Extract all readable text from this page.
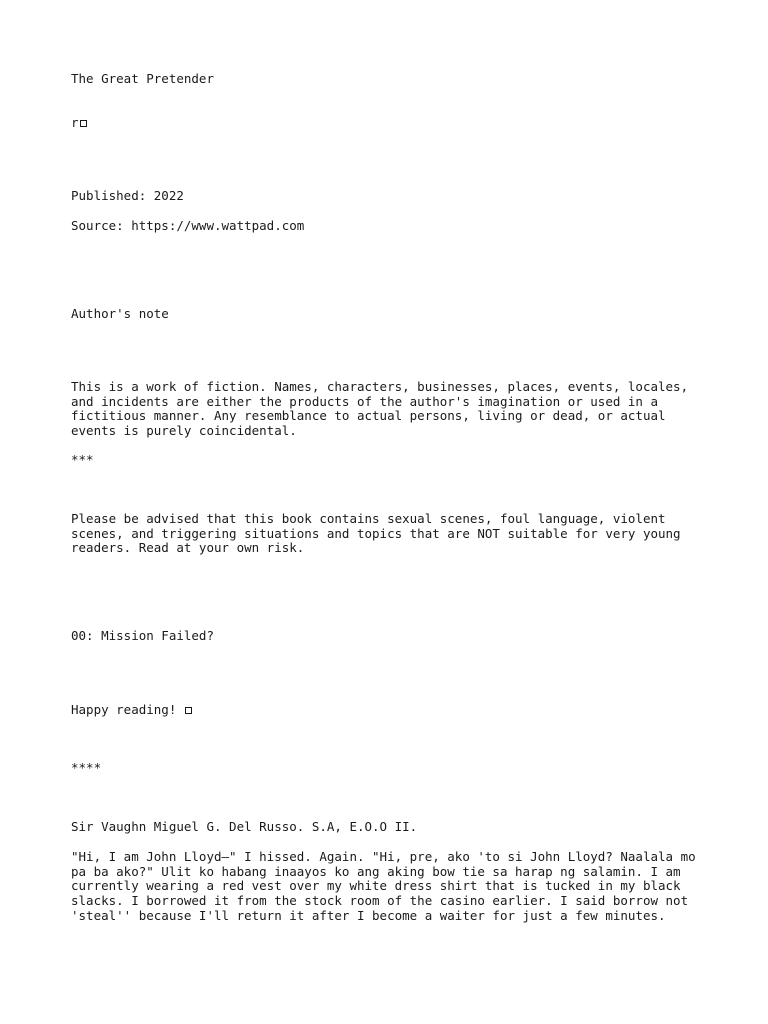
The Great Pretender
r
Published: 2022
Source: https://www.wattpad.com
Author's note
This is a work of fiction. Names, characters, businesses, places, events, locales,
and incidents are either the products of the author's imagination or used in a
fictitious manner. Any resemblance to actual persons, living or dead, or actual
events is purely coincidental.
***
Please be advised that this book contains sexual scenes, foul language, violent
scenes, and triggering situations and topics that are NOT suitable for very young
readers. Read at your own risk.
00: Mission Failed?
Happy reading!
****
Sir Vaughn Miguel G. Del Russo. S.A, E.O.O II.
"Hi, I am John Lloyd–" I hissed. Again. "Hi, pre, ako 'to si John Lloyd? Naalala mo
pa ba ako?" Ulit ko habang inaayos ko ang aking bow tie sa harap ng salamin. I am
currently wearing a red vest over my white dress shirt that is tucked in my black
slacks. I borrowed it from the stock room of the casino earlier. I said borrow not
'steal'' because I'll return it after I become a waiter for just a few minutes.
